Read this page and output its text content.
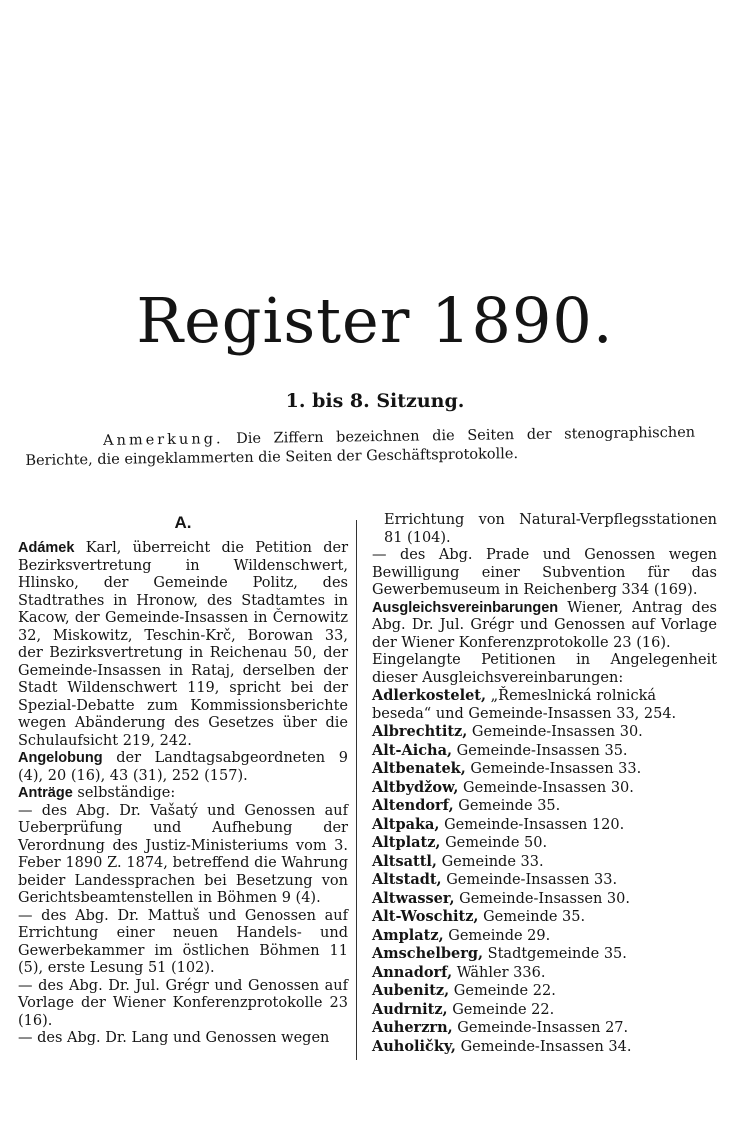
Register 1890.
1. bis 8. Sitzung.
Anmerkung. Die Ziffern bezeichnen die Seiten der stenographischen Berichte, die eingeklammerten die Seiten der Geschäftsprotokolle.
A.

Adámek Karl, überreicht die Petition der Bezirksvertretung in Wildenschwert, Hlinsko, der Gemeinde Politz, des Stadtrathes in Hronow, des Stadtamtes in Kacow, der Gemeinde-Insassen in Černowitz 32, Miskowitz, Teschin-Krč, Borowan 33, der Bezirksvertretung in Reichenau 50, der Gemeinde-Insassen in Rataj, derselben der Stadt Wildenschwert 119, spricht bei der Spezial-Debatte zum Kommissionsberichte wegen Abänderung des Gesetzes über die Schulaufsicht 219, 242.

Angelobung der Landtagsabgeordneten 9 (4), 20 (16), 43 (31), 252 (157).

Anträge selbständige:

— des Abg. Dr. Vašatý und Genossen auf Ueberprüfung und Aufhebung der Verordnung des Justiz-Ministeriums vom 3. Feber 1890 Z. 1874, betreffend die Wahrung beider Landessprachen bei Besetzung von Gerichtsbeamtenstellen in Böhmen 9 (4).

— des Abg. Dr. Mattuš und Genossen auf Errichtung einer neuen Handels- und Gewerbekammer im östlichen Böhmen 11 (5), erste Lesung 51 (102).

— des Abg. Dr. Jul. Grégr und Genossen auf Vorlage der Wiener Konferenzprotokolle 23 (16).

— des Abg. Dr. Lang und Genossen wegen

Errichtung von Natural-Verpflegsstationen 81 (104).

— des Abg. Prade und Genossen wegen Bewilligung einer Subvention für das Gewerbemuseum in Reichenberg 334 (169).

Ausgleichsvereinbarungen Wiener, Antrag des Abg. Dr. Jul. Grégr und Genossen auf Vorlage der Wiener Konferenzprotokolle 23 (16).

Eingelangte Petitionen in Angelegenheit dieser Ausgleichsvereinbarungen:

Adlerkostelet, „Řemeslnická rolnická beseda“ und Gemeinde-Insassen 33, 254.

Albrechtitz, Gemeinde-Insassen 30.

Alt-Aicha, Gemeinde-Insassen 35.

Altbenatek, Gemeinde-Insassen 33.

Altbydžow, Gemeinde-Insassen 30.

Altendorf, Gemeinde 35.

Altpaka, Gemeinde-Insassen 120.

Altplatz, Gemeinde 50.

Altsattl, Gemeinde 33.

Altstadt, Gemeinde-Insassen 33.

Altwasser, Gemeinde-Insassen 30.

Alt-Woschitz, Gemeinde 35.

Amplatz, Gemeinde 29.

Amschelberg, Stadtgemeinde 35.

Annadorf, Wähler 336.

Aubenitz, Gemeinde 22.

Audrnitz, Gemeinde 22.

Auherzrn, Gemeinde-Insassen 27.

Auholičky, Gemeinde-Insassen 34.
